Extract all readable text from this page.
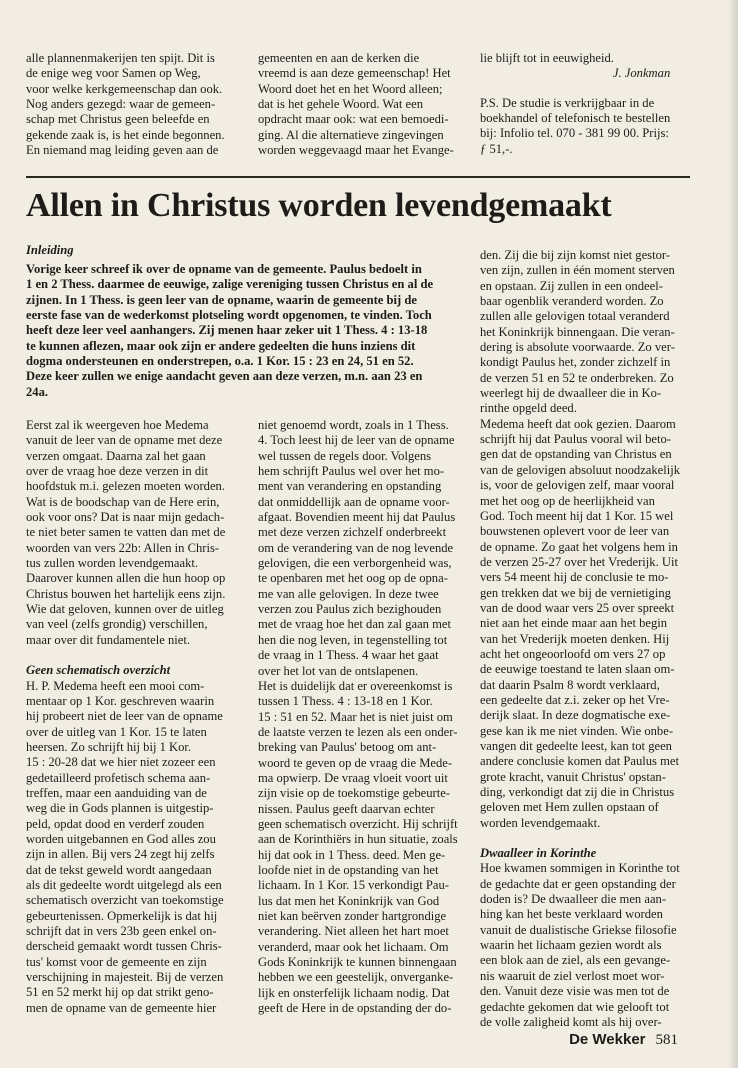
alle plannenmakerijen ten spijt. Dit is

de enige weg voor Samen op Weg,

voor welke kerkgemeenschap dan ook.

Nog anders gezegd: waar de gemeen-

schap met Christus geen beleefde en

gekende zaak is, is het einde begonnen.

En niemand mag leiding geven aan de

gemeenten en aan de kerken die

vreemd is aan deze gemeenschap! Het

Woord doet het en het Woord alleen;

dat is het gehele Woord. Wat een

opdracht maar ook: wat een bemoedi-

ging. Al die alternatieve zingevingen

worden weggevaagd maar het Evange-

lie blijft tot in eeuwigheid.

J. Jonkman

P.S. De studie is verkrijgbaar in de

boekhandel of telefonisch te bestellen

bij: Infolio tel. 070 - 381 99 00. Prijs:

ƒ 51,-.

Allen in Christus worden levendgemaakt

Inleiding

Vorige keer schreef ik over de opname van de gemeente. Paulus bedoelt in

1 en 2 Thess. daarmee de eeuwige, zalige vereniging tussen Christus en al de

zijnen. In 1 Thess. is geen leer van de opname, waarin de gemeente bij de

eerste fase van de wederkomst plotseling wordt opgenomen, te vinden. Toch

heeft deze leer veel aanhangers. Zij menen haar zeker uit 1 Thess. 4 : 13-18

te kunnen aflezen, maar ook zijn er andere gedeelten die huns inziens dit

dogma ondersteunen en onderstrepen, o.a. 1 Kor. 15 : 23 en 24, 51 en 52.

Deze keer zullen we enige aandacht geven aan deze verzen, m.n. aan 23 en

24a.

Eerst zal ik weergeven hoe Medema

vanuit de leer van de opname met deze

verzen omgaat. Daarna zal het gaan

over de vraag hoe deze verzen in dit

hoofdstuk m.i. gelezen moeten worden.

Wat is de boodschap van de Here erin,

ook voor ons? Dat is naar mijn gedach-

te niet beter samen te vatten dan met de

woorden van vers 22b: Allen in Chris-

tus zullen worden levendgemaakt.

Daarover kunnen allen die hun hoop op

Christus bouwen het hartelijk eens zijn.

Wie dat geloven, kunnen over de uitleg

van veel (zelfs grondig) verschillen,

maar over dit fundamentele niet.

Geen schematisch overzicht

H. P. Medema heeft een mooi com-

mentaar op 1 Kor. geschreven waarin

hij probeert niet de leer van de opname

over de uitleg van 1 Kor. 15 te laten

heersen. Zo schrijft hij bij 1 Kor.

15 : 20-28 dat we hier niet zozeer een

gedetailleerd profetisch schema aan-

treffen, maar een aanduiding van de

weg die in Gods plannen is uitgestip-

peld, opdat dood en verderf zouden

worden uitgebannen en God alles zou

zijn in allen. Bij vers 24 zegt hij zelfs

dat de tekst geweld wordt aangedaan

als dit gedeelte wordt uitgelegd als een

schematisch overzicht van toekomstige

gebeurtenissen. Opmerkelijk is dat hij

schrijft dat in vers 23b geen enkel on-

derscheid gemaakt wordt tussen Chris-

tus' komst voor de gemeente en zijn

verschijning in majesteit. Bij de verzen

51 en 52 merkt hij op dat strikt geno-

men de opname van de gemeente hier

niet genoemd wordt, zoals in 1 Thess.

4. Toch leest hij de leer van de opname

wel tussen de regels door. Volgens

hem schrijft Paulus wel over het mo-

ment van verandering en opstanding

dat onmiddellijk aan de opname voor-

afgaat. Bovendien meent hij dat Paulus

met deze verzen zichzelf onderbreekt

om de verandering van de nog levende

gelovigen, die een verborgenheid was,

te openbaren met het oog op de opna-

me van alle gelovigen. In deze twee

verzen zou Paulus zich bezighouden

met de vraag hoe het dan zal gaan met

hen die nog leven, in tegenstelling tot

de vraag in 1 Thess. 4 waar het gaat

over het lot van de ontslapenen.

Het is duidelijk dat er overeenkomst is

tussen 1 Thess. 4 : 13-18 en 1 Kor.

15 : 51 en 52. Maar het is niet juist om

de laatste verzen te lezen als een onder-

breking van Paulus' betoog om ant-

woord te geven op de vraag die Mede-

ma opwierp. De vraag vloeit voort uit

zijn visie op de toekomstige gebeurte-

nissen. Paulus geeft daarvan echter

geen schematisch overzicht. Hij schrijft

aan de Korinthiërs in hun situatie, zoals

hij dat ook in 1 Thess. deed. Men ge-

loofde niet in de opstanding van het

lichaam. In 1 Kor. 15 verkondigt Pau-

lus dat men het Koninkrijk van God

niet kan beërven zonder hartgrondige

verandering. Niet alleen het hart moet

veranderd, maar ook het lichaam. Om

Gods Koninkrijk te kunnen binnengaan

hebben we een geestelijk, onverganke-

lijk en onsterfelijk lichaam nodig. Dat

geeft de Here in de opstanding der do-

den. Zij die bij zijn komst niet gestor-

ven zijn, zullen in één moment sterven

en opstaan. Zij zullen in een ondeel-

baar ogenblik veranderd worden. Zo

zullen alle gelovigen totaal veranderd

het Koninkrijk binnengaan. Die veran-

dering is absolute voorwaarde. Zo ver-

kondigt Paulus het, zonder zichzelf in

de verzen 51 en 52 te onderbreken. Zo

weerlegt hij de dwaalleer die in Ko-

rinthe opgeld deed.

Medema heeft dat ook gezien. Daarom

schrijft hij dat Paulus vooral wil beto-

gen dat de opstanding van Christus en

van de gelovigen absoluut noodzakelijk

is, voor de gelovigen zelf, maar vooral

met het oog op de heerlijkheid van

God. Toch meent hij dat 1 Kor. 15 wel

bouwstenen oplevert voor de leer van

de opname. Zo gaat het volgens hem in

de verzen 25-27 over het Vrederijk. Uit

vers 54 meent hij de conclusie te mo-

gen trekken dat we bij de vernietiging

van de dood waar vers 25 over spreekt

niet aan het einde maar aan het begin

van het Vrederijk moeten denken. Hij

acht het ongeoorloofd om vers 27 op

de eeuwige toestand te laten slaan om-

dat daarin Psalm 8 wordt verklaard,

een gedeelte dat z.i. zeker op het Vre-

derijk slaat. In deze dogmatische exe-

gese kan ik me niet vinden. Wie onbe-

vangen dit gedeelte leest, kan tot geen

andere conclusie komen dat Paulus met

grote kracht, vanuit Christus' opstan-

ding, verkondigt dat zij die in Christus

geloven met Hem zullen opstaan of

worden levendgemaakt.

Dwaalleer in Korinthe

Hoe kwamen sommigen in Korinthe tot

de gedachte dat er geen opstanding der

doden is? De dwaalleer die men aan-

hing kan het beste verklaard worden

vanuit de dualistische Griekse filosofie

waarin het lichaam gezien wordt als

een blok aan de ziel, als een gevange-

nis waaruit de ziel verlost moet wor-

den. Vanuit deze visie was men tot de

gedachte gekomen dat wie gelooft tot

de volle zaligheid komt als hij over-

De Wekker 581
